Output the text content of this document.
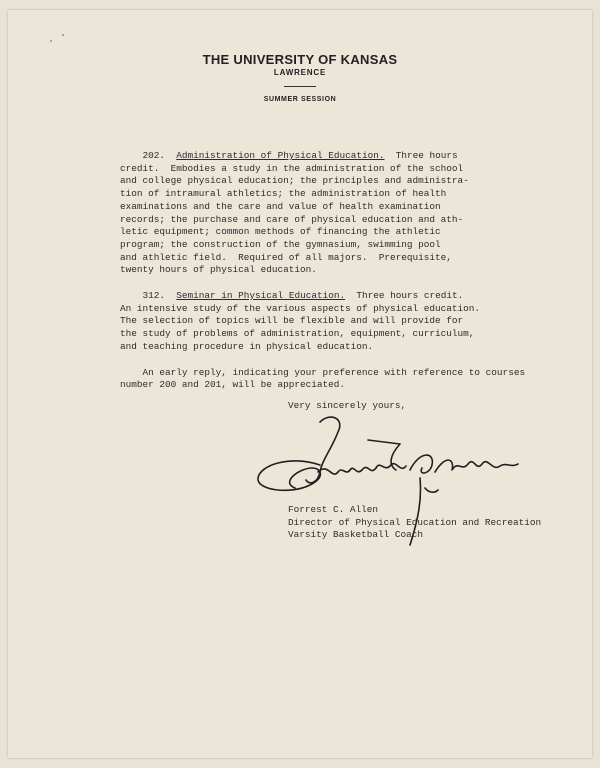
THE UNIVERSITY OF KANSAS
LAWRENCE
SUMMER SESSION

202. Administration of Physical Education.  Three hours

credit.  Embodies a study in the administration of the school

and college physical education; the principles and administra-

tion of intramural athletics; the administration of health

examinations and the care and value of health examination

records; the purchase and care of physical education and ath-

letic equipment; common methods of financing the athletic

program; the construction of the gymnasium, swimming pool

and athletic field.  Required of all majors.  Prerequisite,

twenty hours of physical education.

312. Seminar in Physical Education.  Three hours credit.

An intensive study of the various aspects of physical education.

The selection of topics will be flexible and will provide for

the study of problems of administration, equipment, curriculum,

and teaching procedure in physical education.

An early reply, indicating your preference with reference to courses

number 200 and 201, will be appreciated.

Very sincerely yours,
Forrest C. Allen
Director of Physical Education and Recreation
Varsity Basketball Coach
